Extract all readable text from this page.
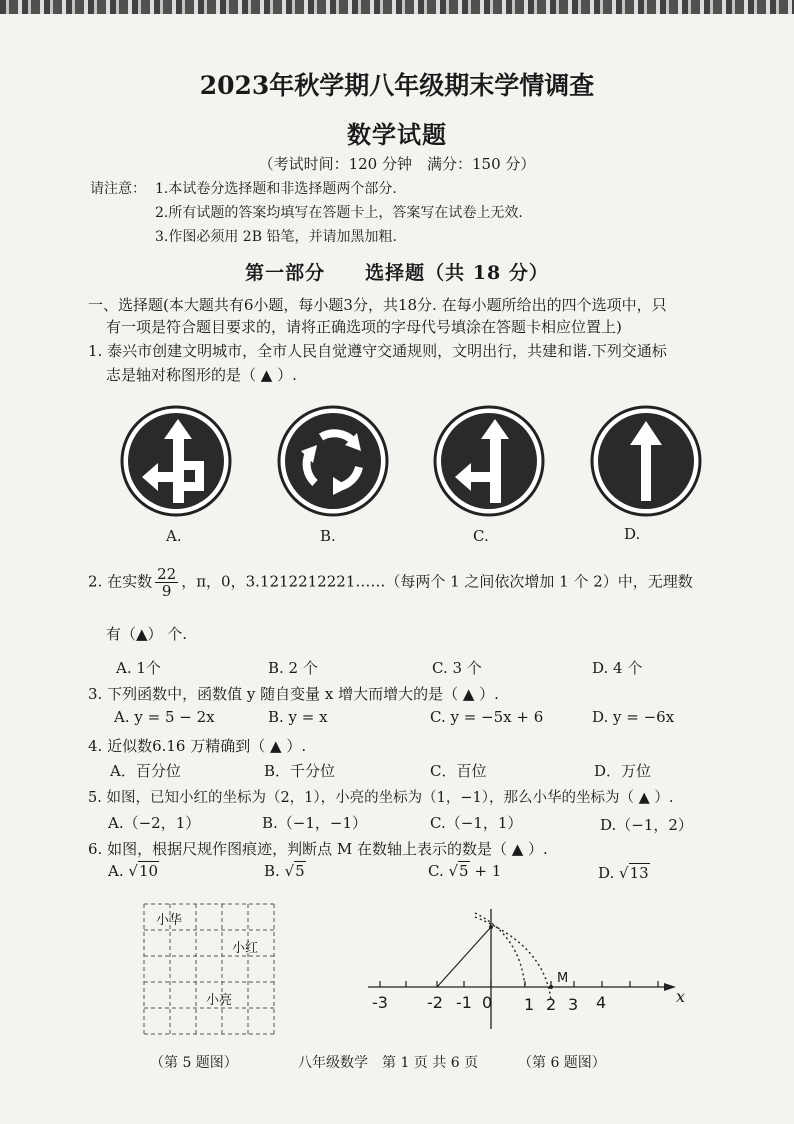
2023年秋学期八年级期末学情调查
数学试题
（考试时间：120 分钟　满分：150 分）
请注意： 1.本试卷分选择题和非选择题两个部分.
2.所有试题的答案均填写在答题卡上，答案写在试卷上无效.
3.作图必须用 2B 铅笔，并请加黑加粗.
第一部分　　选择题（共 18 分）
一、选择题(本大题共有6小题，每小题3分，共18分. 在每小题所给出的四个选项中，只
有一项是符合题目要求的，请将正确选项的字母代号填涂在答题卡相应位置上)
1. 泰兴市创建文明城市，全市人民自觉遵守交通规则，文明出行，共建和谐.下列交通标
志是轴对称图形的是（ ▲ ）.
A.	B.	C.	D.
2. 在实数 $\frac{22}{9}$ ，π，0，3.1212212221……（每两个 1 之间依次增加 1 个 2）中，无理数
有（▲） 个.
A. 1个	B. 2 个	C. 3 个	D. 4 个
3. 下列函数中，函数值 y 随自变量 x 增大而增大的是（ ▲ ）.
A. y = 5 − 2x	B. y = x	C. y = −5x + 6	D. y = −6x
4. 近似数6.16 万精确到（ ▲ ）.
A．百分位	B．千分位	C．百位	D．万位
5. 如图，已知小红的坐标为（2，1），小亮的坐标为（1，−1），那么小华的坐标为（ ▲ ）.
A.（−2，1）	B.（−1，−1）	C.（−1，1）	D.（−1，2）
6. 如图，根据尺规作图痕迹，判断点 M 在数轴上表示的数是（ ▲ ）.
A. √10	B. √5	C. √5 + 1	D. √13
小华
小红
小亮
（第 5 题图）
-3 -2 -1 0 1 2 3 4
M
x
（第 6 题图）
八年级数学　第 1 页 共 6 页
